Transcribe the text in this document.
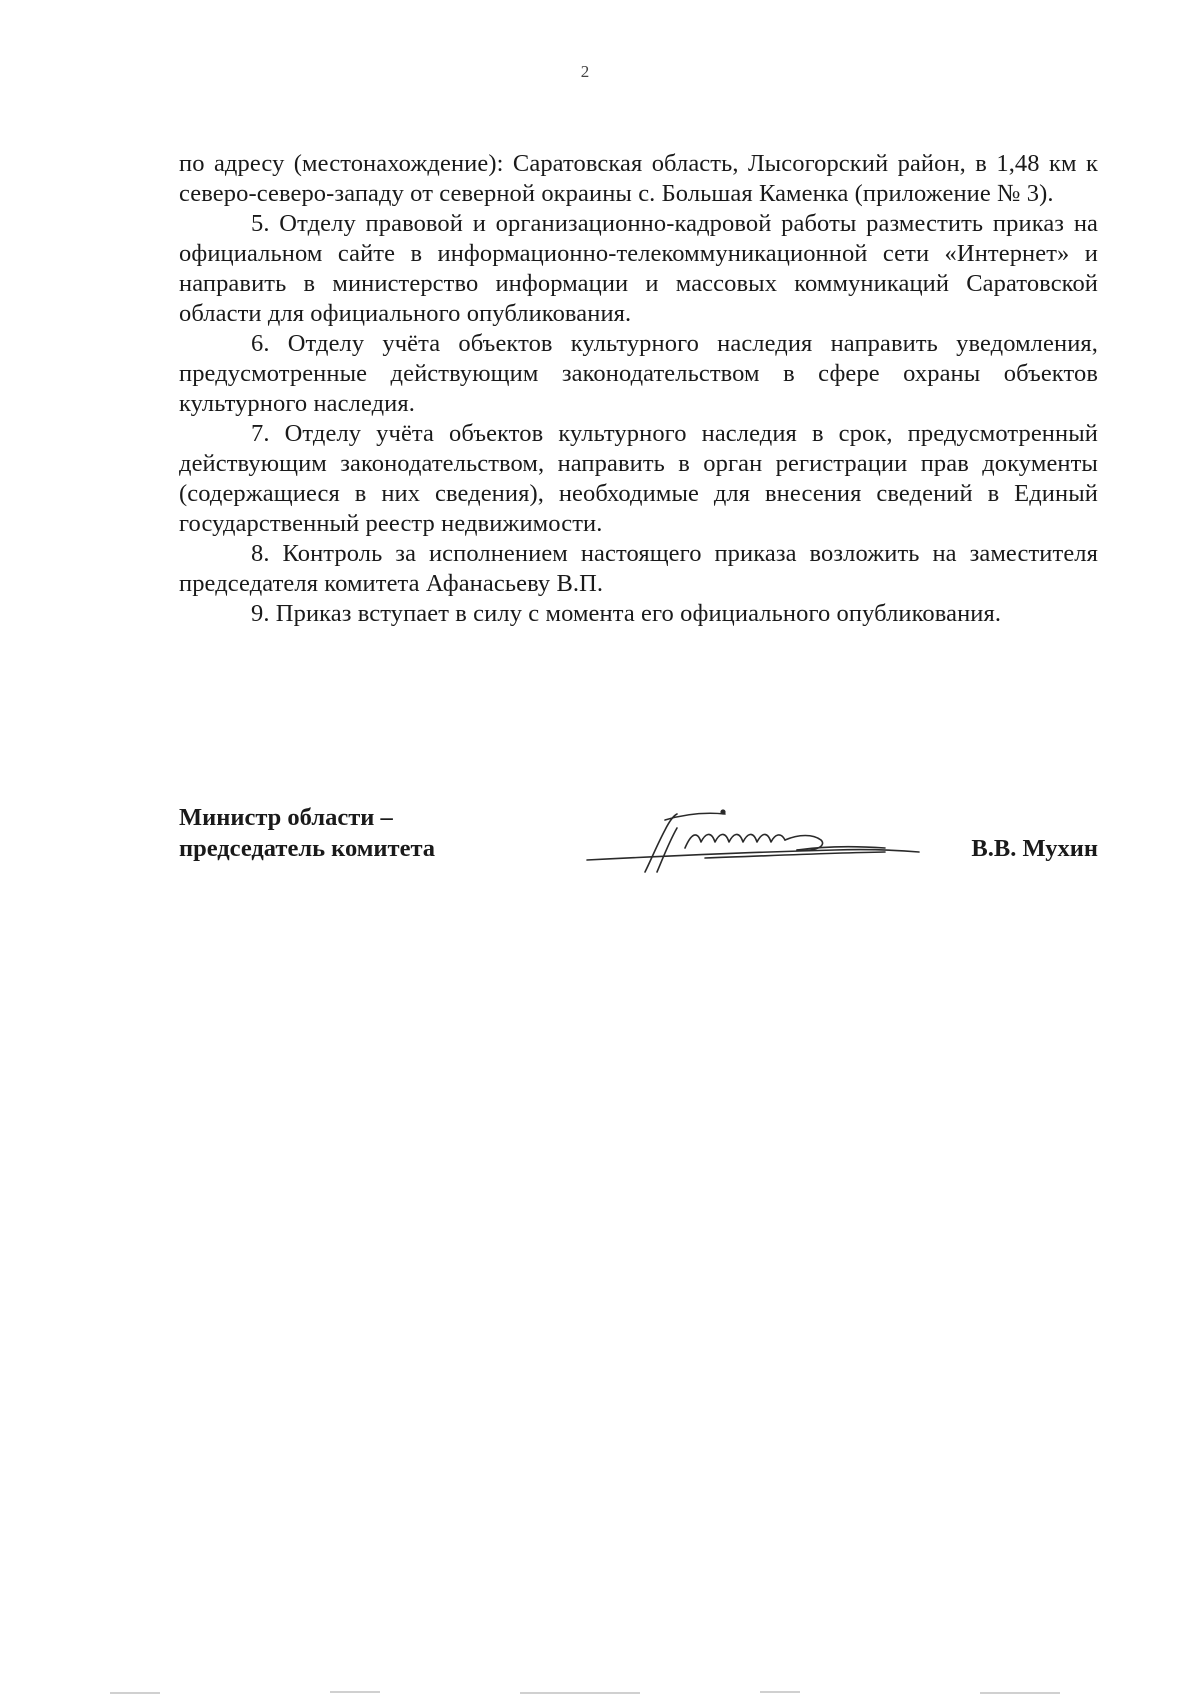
2

по адресу (местонахождение): Саратовская область, Лысогорский район, в 1,48 км к северо-северо-западу от северной окраины с. Большая Каменка (приложение № 3).

5. Отделу правовой и организационно-кадровой работы разместить приказ на официальном сайте в информационно-телекоммуникационной сети «Интернет» и направить в министерство информации и массовых коммуникаций Саратовской области для официального опубликования.

6. Отделу учёта объектов культурного наследия направить уведомления, предусмотренные действующим законодательством в сфере охраны объектов культурного наследия.

7. Отделу учёта объектов культурного наследия в срок, предусмотренный действующим законодательством, направить в орган регистрации прав документы (содержащиеся в них сведения), необходимые для внесения сведений в Единый государственный реестр недвижимости.

8. Контроль за исполнением настоящего приказа возложить на заместителя председателя комитета Афанасьеву В.П.

9. Приказ вступает в силу с момента его официального опубликования.

Министр области –
председатель комитета	В.В. Мухин
